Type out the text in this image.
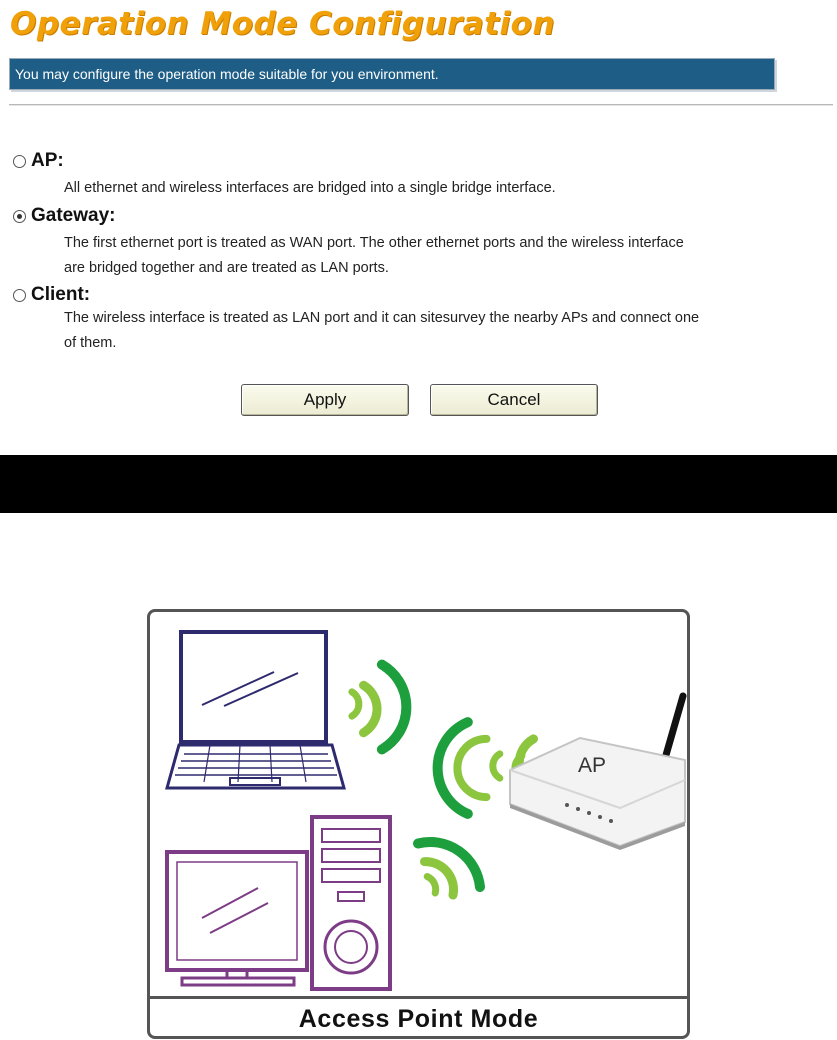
Operation Mode Configuration
You may configure the operation mode suitable for you environment.
AP:

All ethernet and wireless interfaces are bridged into a single bridge interface.

Gateway:

The first ethernet port is treated as WAN port. The other ethernet ports and the wireless interface

are bridged together and are treated as LAN ports.

Client:

The wireless interface is treated as LAN port and it can sitesurvey the nearby APs and connect one

of them.

Apply	Cancel
AP
Access Point Mode
